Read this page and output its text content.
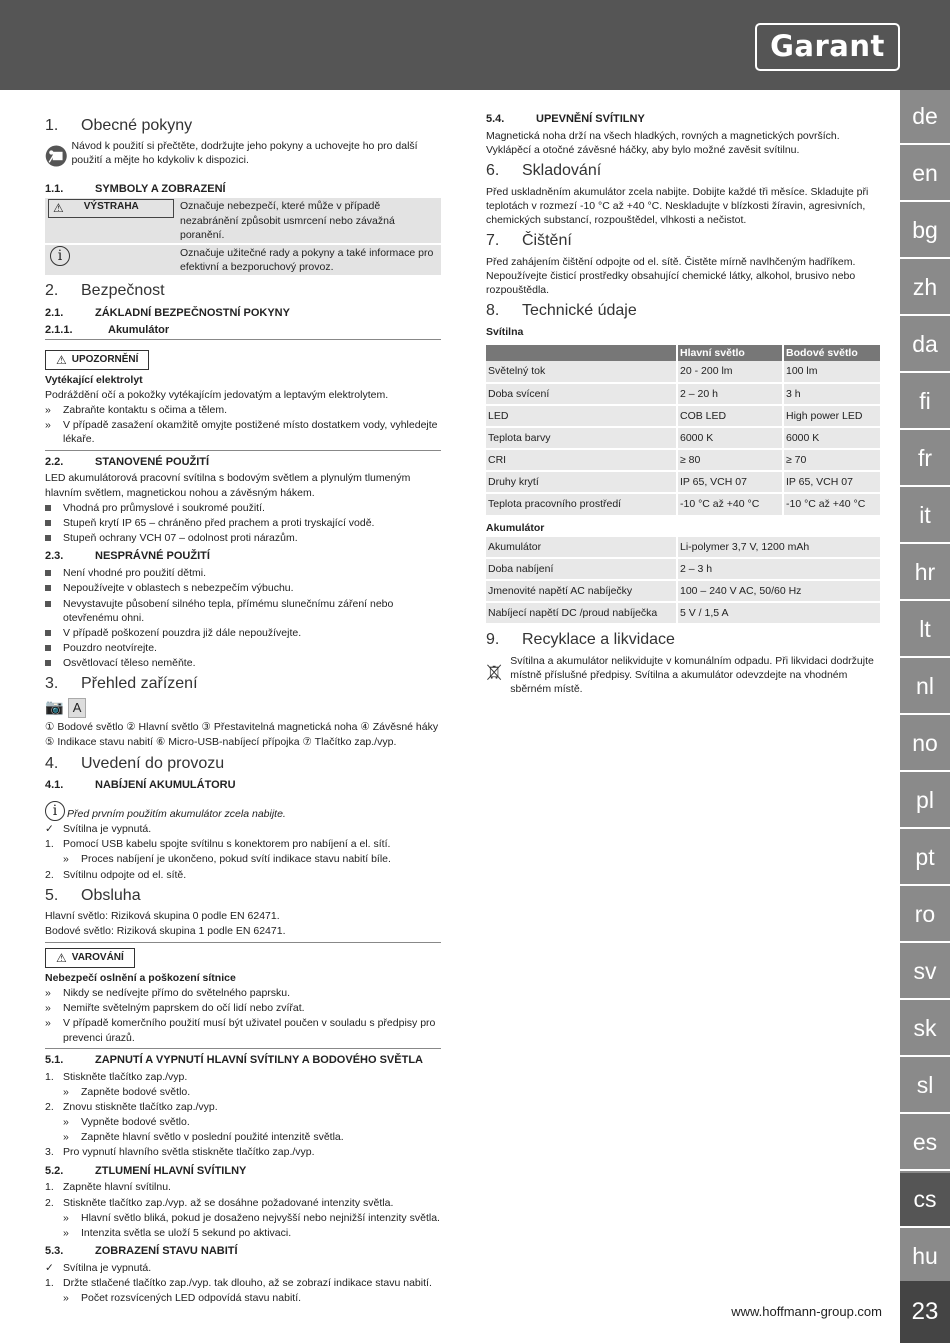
Garant
de
en
bg
zh
da
fi
fr
it
hr
lt
nl
no
pl
pt
ro
sv
sk
sl
es
cs
hu
23
www.hoffmann-group.com
1.	Obecné pokyny

Návod k použití si přečtěte, dodržujte jeho pokyny a uchovejte ho pro další použití a mějte ho kdykoliv k dispozici.

1.1.	SYMBOLY A ZOBRAZENÍ
⚠ VÝSTRAHA	Označuje nebezpečí, které může v případě nezabránění způsobit usmrcení nebo závažná poranění.
i	Označuje užitečné rady a pokyny a také informace pro efektivní a bezporuchový provoz.
2.	Bezpečnost
2.1.	ZÁKLADNÍ BEZPEČNOSTNÍ POKYNY
2.1.1.	Akumulátor
⚠ UPOZORNĚNÍ

Vytékající elektrolyt

Podráždění očí a pokožky vytékajícím jedovatým a leptavým elektrolytem.

»	Zabraňte kontaktu s očima a tělem.
»	V případě zasažení okamžitě omyjte postižené místo dostatkem vody, vyhledejte lékaře.
2.2.	STANOVENÉ POUŽITÍ

LED akumulátorová pracovní svítilna s bodovým světlem a plynulým tlumeným hlavním světlem, magnetickou nohou a závěsným hákem.

Vhodná pro průmyslové i soukromé použití.
Stupeň krytí IP 65 – chráněno před prachem a proti tryskající vodě.
Stupeň ochrany VCH 07 – odolnost proti nárazům.
2.3.	NESPRÁVNÉ POUŽITÍ
Není vhodné pro použití dětmi.
Nepoužívejte v oblastech s nebezpečím výbuchu.
Nevystavujte působení silného tepla, přímému slunečnímu záření nebo otevřenému ohni.
V případě poškození pouzdra již dále nepoužívejte.
Pouzdro neotvírejte.
Osvětlovací těleso neměňte.
3.	Přehled zařízení
📷 A

① Bodové světlo ② Hlavní světlo ③ Přestavitelná magnetická noha ④ Závěsné háky

⑤ Indikace stavu nabití ⑥ Micro-USB-nabíjecí přípojka ⑦ Tlačítko zap./vyp.

4.	Uvedení do provozu
4.1.	NABÍJENÍ AKUMULÁTORU
i Před prvním použitím akumulátor zcela nabijte.
✓ Svítilna je vypnutá.
1. Pomocí USB kabelu spojte svítilnu s konektorem pro nabíjení a el. sítí.
»	Proces nabíjení je ukončeno, pokud svítí indikace stavu nabití bíle.
2. Svítilnu odpojte od el. sítě.
5.	Obsluha

Hlavní světlo: Riziková skupina 0 podle EN 62471.

Bodové světlo: Riziková skupina 1 podle EN 62471.

⚠ VAROVÁNÍ

Nebezpečí oslnění a poškození sítnice

»	Nikdy se nedívejte přímo do světelného paprsku.
»	Nemiřte světelným paprskem do očí lidí nebo zvířat.
»	V případě komerčního použití musí být uživatel poučen v souladu s předpisy pro prevenci úrazů.
5.1.	ZAPNUTÍ A VYPNUTÍ HLAVNÍ SVÍTILNY A BODOVÉHO SVĚTLA
1. Stiskněte tlačítko zap./vyp.
»	Zapněte bodové světlo.
2. Znovu stiskněte tlačítko zap./vyp.
»	Vypněte bodové světlo.
»	Zapněte hlavní světlo v poslední použité intenzitě světla.
3. Pro vypnutí hlavního světla stiskněte tlačítko zap./vyp.
5.2.	ZTLUMENÍ HLAVNÍ SVÍTILNY
1. Zapněte hlavní svítilnu.
2. Stiskněte tlačítko zap./vyp. až se dosáhne požadované intenzity světla.
»	Hlavní světlo bliká, pokud je dosaženo nejvyšší nebo nejnižší intenzity světla.
»	Intenzita světla se uloží 5 sekund po aktivaci.
5.3.	ZOBRAZENÍ STAVU NABITÍ
✓ Svítilna je vypnutá.
1. Držte stlačené tlačítko zap./vyp. tak dlouho, až se zobrazí indikace stavu nabití.
»	Počet rozsvícených LED odpovídá stavu nabití.
5.4.	UPEVNĚNÍ SVÍTILNY

Magnetická noha drží na všech hladkých, rovných a magnetických površích. Vyklápěcí a otočné závěsné háčky, aby bylo možné zavěsit svítilnu.

6.	Skladování

Před uskladněním akumulátor zcela nabijte. Dobijte každé tři měsíce. Skladujte při teplotách v rozmezí -10 °C až +40 °C. Neskladujte v blízkosti žíravin, agresivních, chemických substancí, rozpouštědel, vlhkosti a nečistot.

7.	Čištění

Před zahájením čištění odpojte od el. sítě. Čistěte mírně navlhčeným hadříkem. Nepoužívejte čisticí prostředky obsahující chemické látky, alkohol, brusivo nebo rozpouštědla.

8.	Technické údaje

Svítilna

	Hlavní světlo	Bodové světlo
Světelný tok	20 - 200 lm	100 lm
Doba svícení	2 – 20 h	3 h
LED	COB LED	High power LED
Teplota barvy	6000 K	6000 K
CRI	≥ 80	≥ 70
Druhy krytí	IP 65, VCH 07	IP 65, VCH 07
Teplota pracovního prostředí	-10 °C až +40 °C	-10 °C až +40 °C

Akumulátor

Akumulátor	Li-polymer 3,7 V, 1200 mAh
Doba nabíjení	2 – 3 h
Jmenovité napětí AC nabíječky	100 – 240 V AC, 50/60 Hz
Nabíjecí napětí DC /proud nabíječka	5 V / 1,5 A
9.	Recyklace a likvidace

Svítilna a akumulátor nelikvidujte v komunálním odpadu. Při likvidaci dodržujte místně příslušné předpisy. Svítilna a akumulátor odevzdejte na vhodném sběrném místě.
